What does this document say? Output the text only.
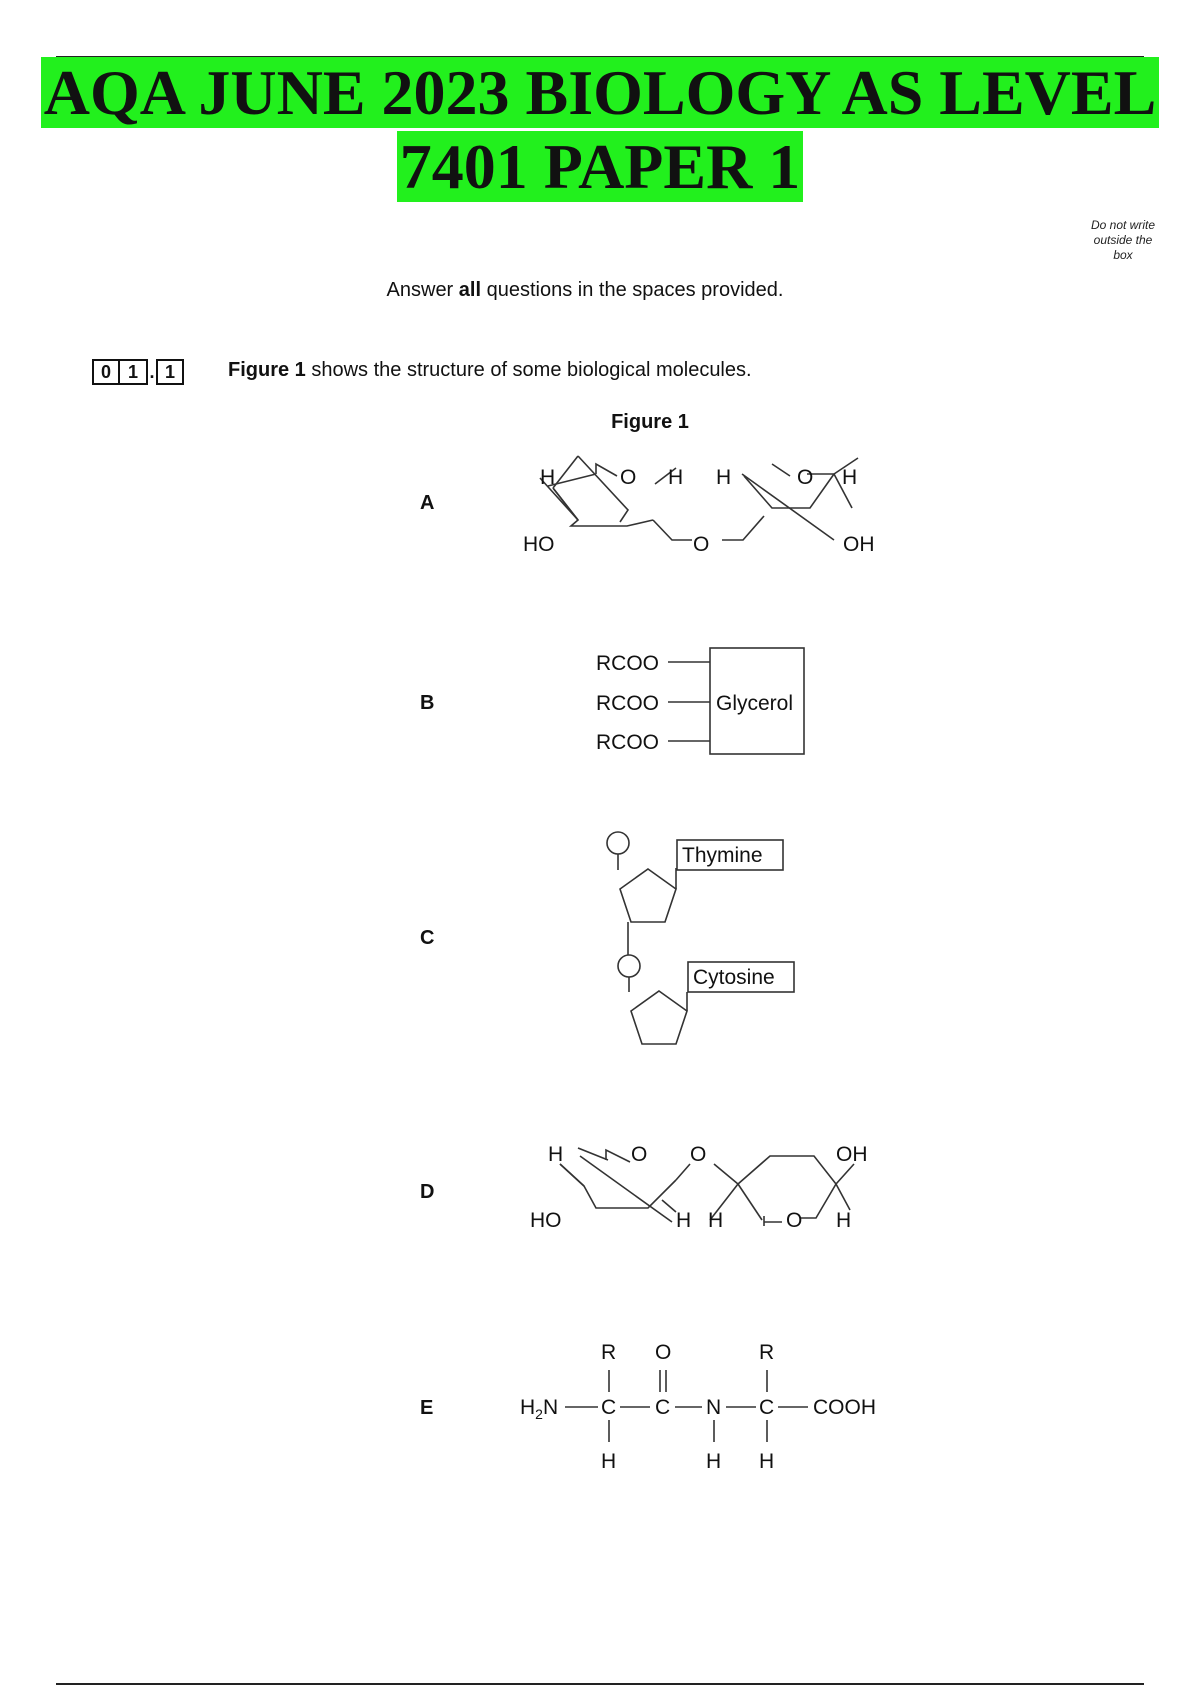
AQA JUNE 2023 BIOLOGY AS LEVEL
7401 PAPER 1
Do not write
outside the
box
Answer all questions in the spaces provided.
0 1 . 1	Figure 1 shows the structure of some biological molecules.
Figure 1
A
B
C
D
E
H	O H H	O H
HO	O	OH
RCOO
RCOO
RCOO
Glycerol
Thymine
Cytosine
H	O O	OH
HO	H H	O H
R O	R
$H_2N$ C C N C COOH
H	H H
